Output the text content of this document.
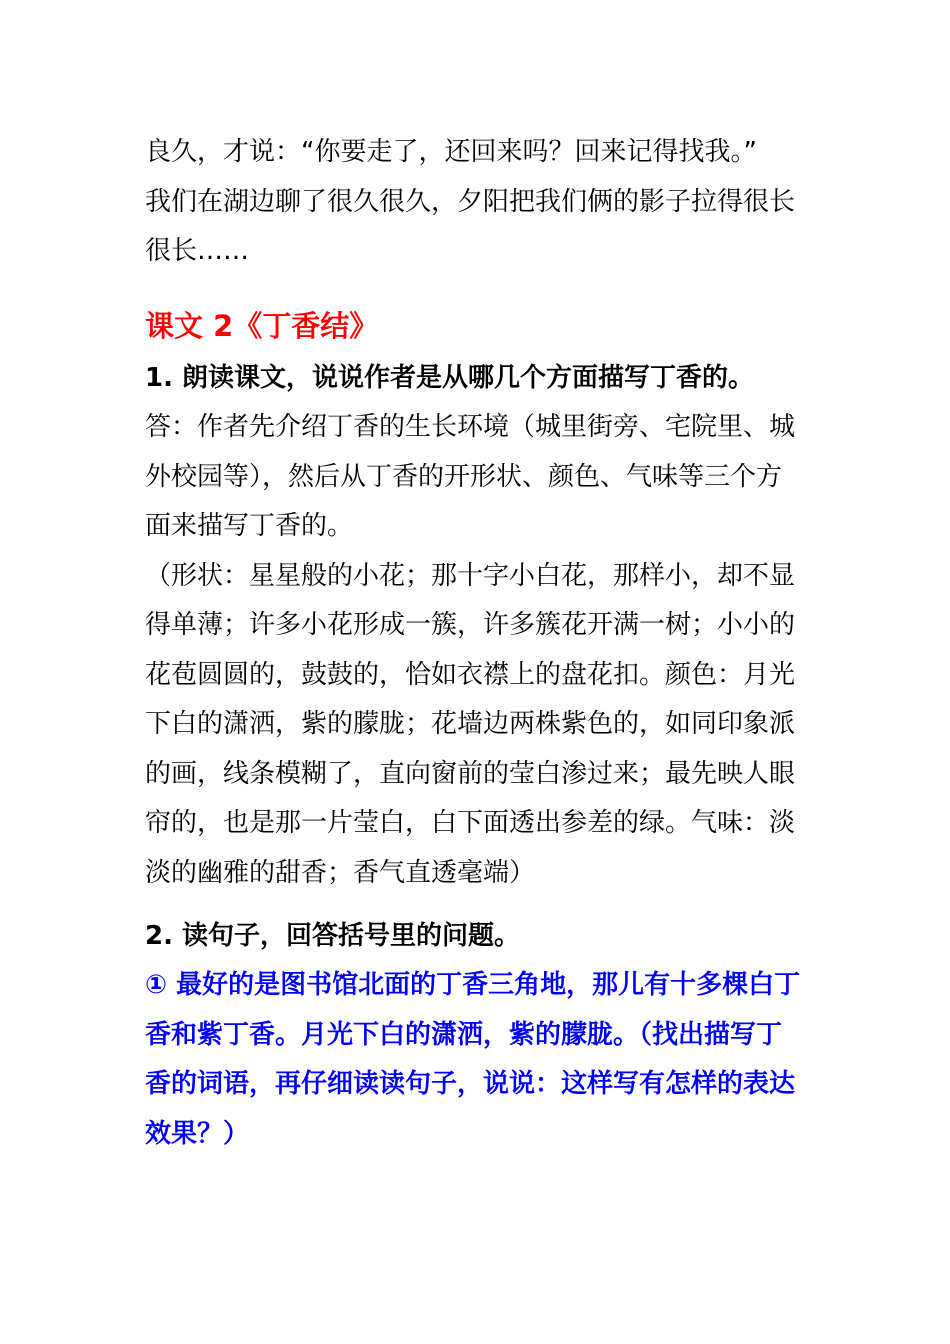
良久，才说：“你要走了，还回来吗？回来记得找我。”
我们在湖边聊了很久很久，夕阳把我们俩的影子拉得很长
很长……
课文 2《丁香结》
1. 朗读课文，说说作者是从哪几个方面描写丁香的。
答：作者先介绍丁香的生长环境（城里街旁、宅院里、城
外校园等），然后从丁香的开形状、颜色、气味等三个方
面来描写丁香的。
（形状：星星般的小花；那十字小白花，那样小，却不显
得单薄；许多小花形成一簇，许多簇花开满一树；小小的
花苞圆圆的，鼓鼓的，恰如衣襟上的盘花扣。颜色：月光
下白的潇洒，紫的朦胧；花墙边两株紫色的，如同印象派
的画，线条模糊了，直向窗前的莹白渗过来；最先映人眼
帘的，也是那一片莹白，白下面透出参差的绿。气味：淡
淡的幽雅的甜香；香气直透毫端）
2. 读句子，回答括号里的问题。
① 最好的是图书馆北面的丁香三角地，那儿有十多棵白丁
香和紫丁香。月光下白的潇洒，紫的朦胧。（找出描写丁
香的词语，再仔细读读句子，说说：这样写有怎样的表达
效果？）
